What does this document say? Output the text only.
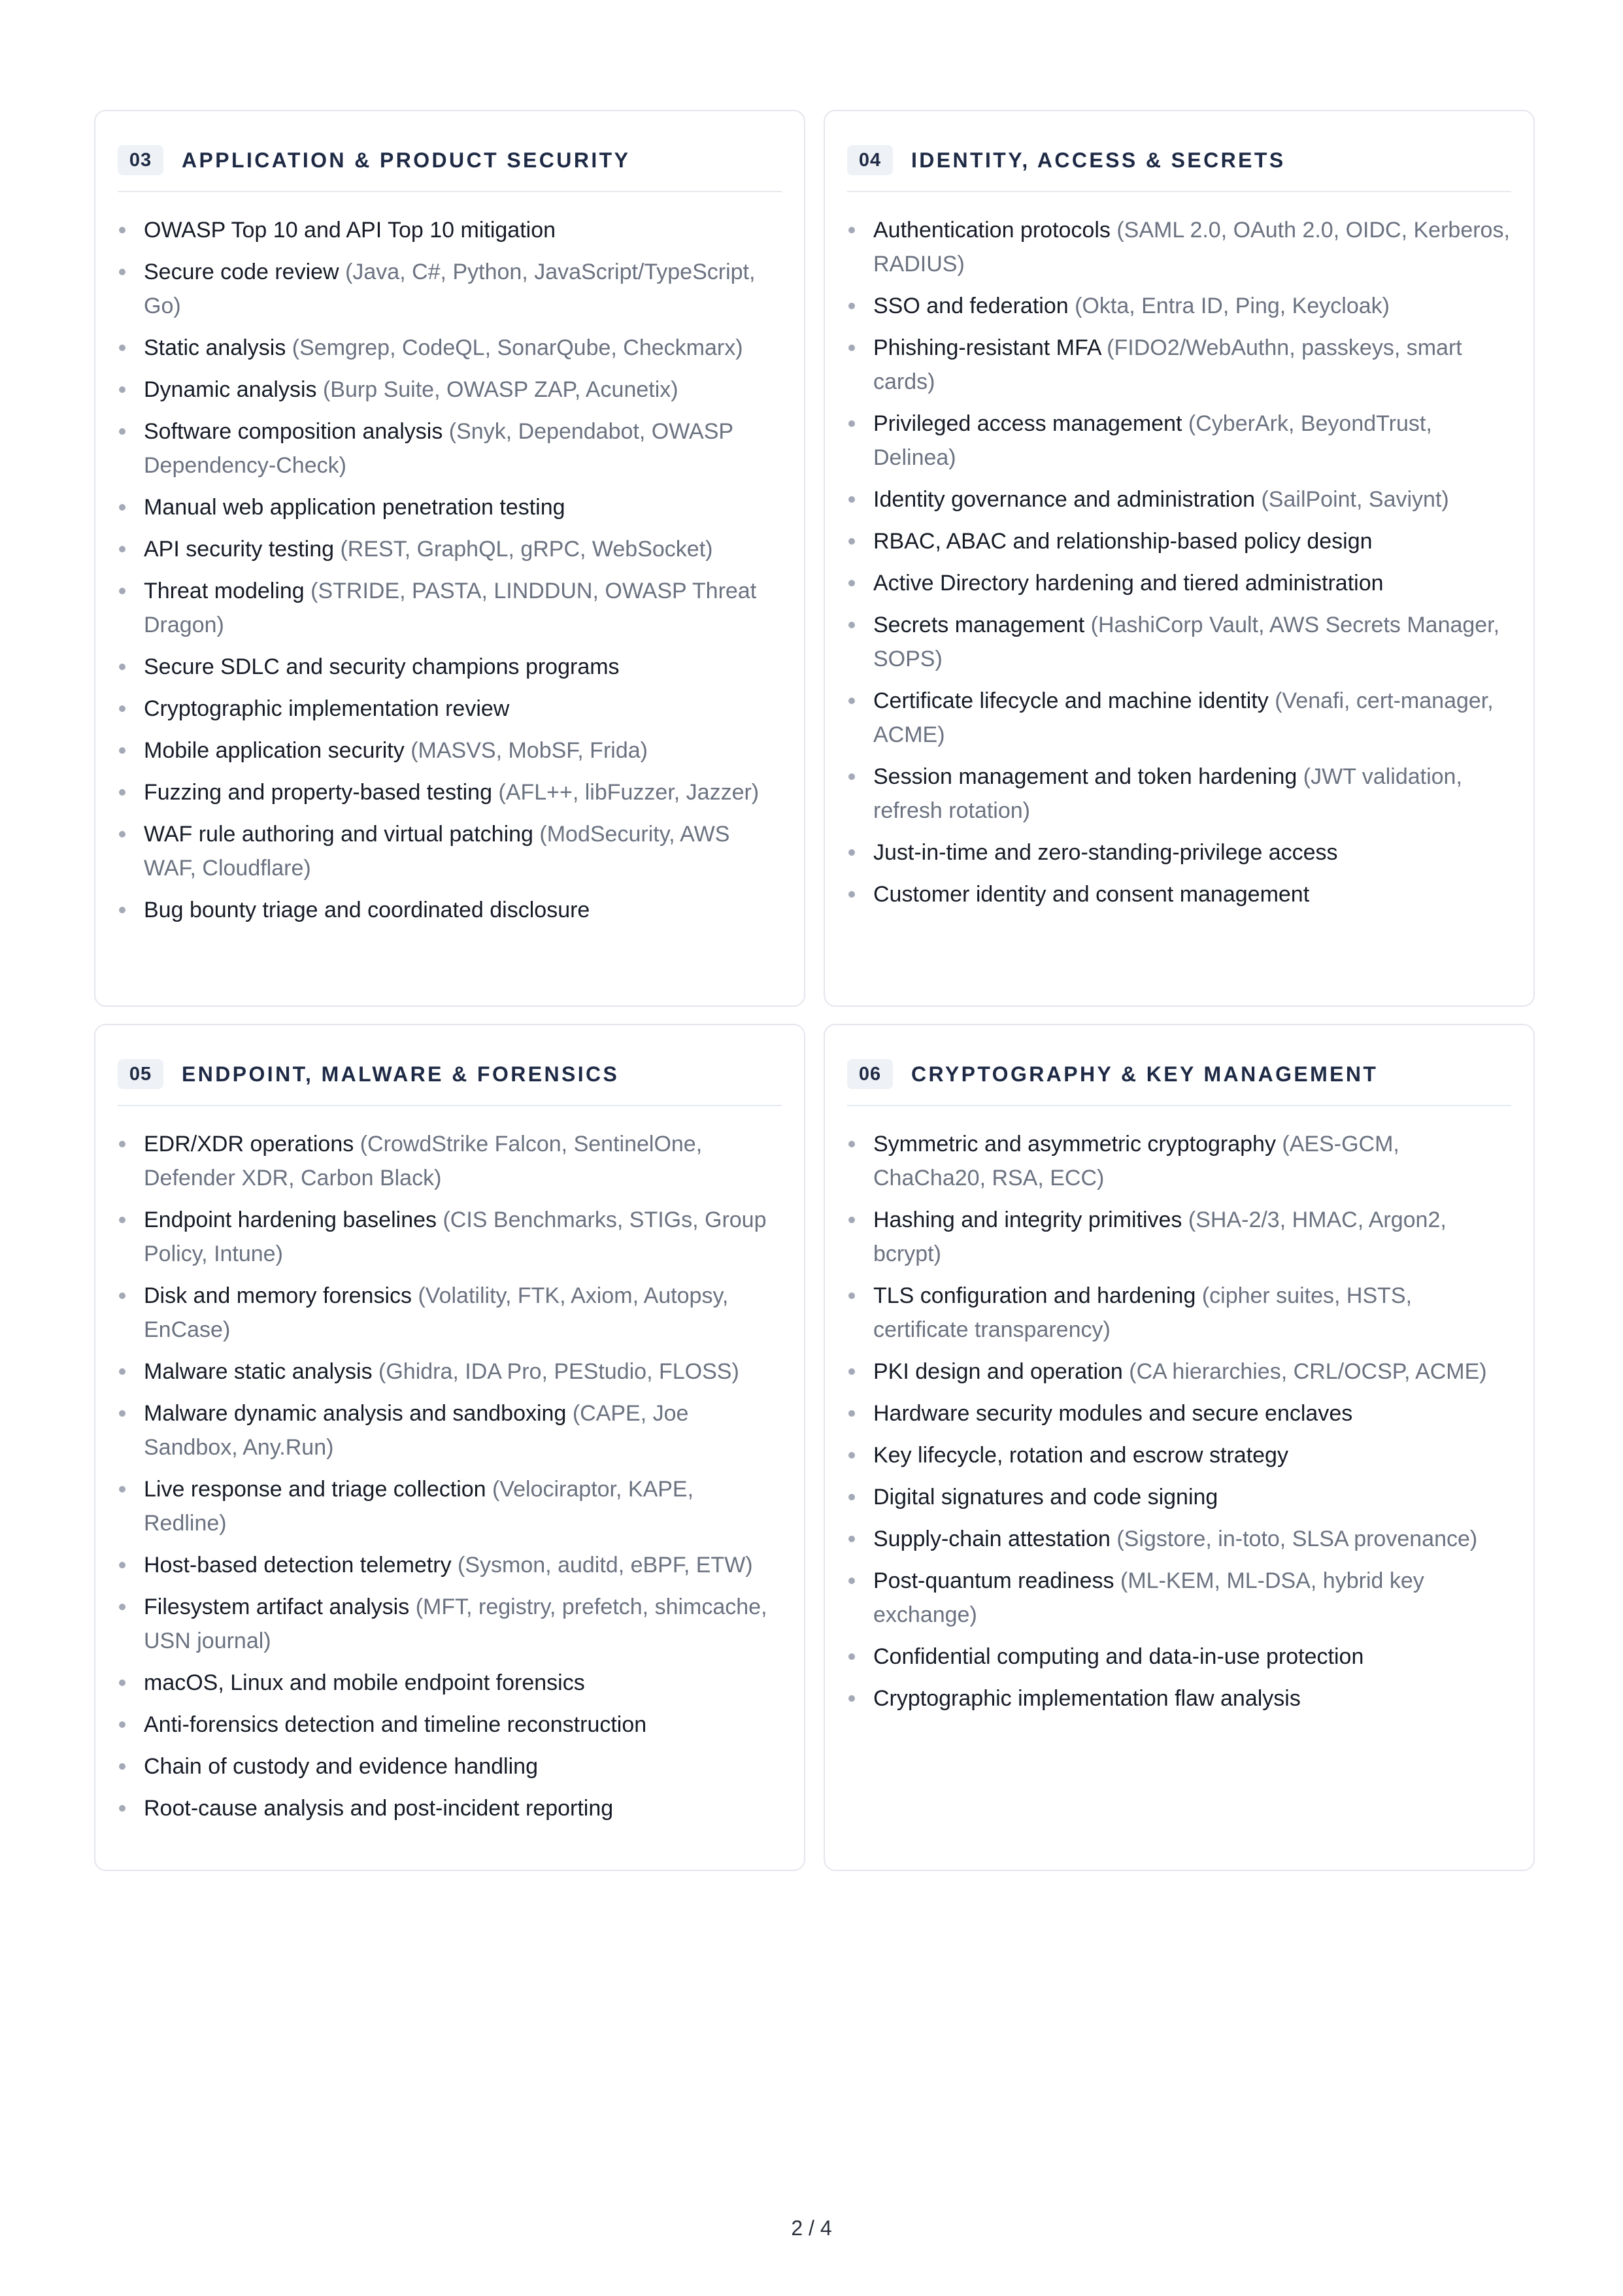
03	APPLICATION & PRODUCT SECURITY
OWASP Top 10 and API Top 10 mitigation
Secure code review (Java, C#, Python, JavaScript/TypeScript, Go)
Static analysis (Semgrep, CodeQL, SonarQube, Checkmarx)
Dynamic analysis (Burp Suite, OWASP ZAP, Acunetix)
Software composition analysis (Snyk, Dependabot, OWASP Dependency-Check)
Manual web application penetration testing
API security testing (REST, GraphQL, gRPC, WebSocket)
Threat modeling (STRIDE, PASTA, LINDDUN, OWASP Threat Dragon)
Secure SDLC and security champions programs
Cryptographic implementation review
Mobile application security (MASVS, MobSF, Frida)
Fuzzing and property-based testing (AFL++, libFuzzer, Jazzer)
WAF rule authoring and virtual patching (ModSecurity, AWS WAF, Cloudflare)
Bug bounty triage and coordinated disclosure
04	IDENTITY, ACCESS & SECRETS
Authentication protocols (SAML 2.0, OAuth 2.0, OIDC, Kerberos, RADIUS)
SSO and federation (Okta, Entra ID, Ping, Keycloak)
Phishing-resistant MFA (FIDO2/WebAuthn, passkeys, smart cards)
Privileged access management (CyberArk, BeyondTrust, Delinea)
Identity governance and administration (SailPoint, Saviynt)
RBAC, ABAC and relationship-based policy design
Active Directory hardening and tiered administration
Secrets management (HashiCorp Vault, AWS Secrets Manager, SOPS)
Certificate lifecycle and machine identity (Venafi, cert-manager, ACME)
Session management and token hardening (JWT validation, refresh rotation)
Just-in-time and zero-standing-privilege access
Customer identity and consent management
05	ENDPOINT, MALWARE & FORENSICS
EDR/XDR operations (CrowdStrike Falcon, SentinelOne, Defender XDR, Carbon Black)
Endpoint hardening baselines (CIS Benchmarks, STIGs, Group Policy, Intune)
Disk and memory forensics (Volatility, FTK, Axiom, Autopsy, EnCase)
Malware static analysis (Ghidra, IDA Pro, PEStudio, FLOSS)
Malware dynamic analysis and sandboxing (CAPE, Joe Sandbox, Any.Run)
Live response and triage collection (Velociraptor, KAPE, Redline)
Host-based detection telemetry (Sysmon, auditd, eBPF, ETW)
Filesystem artifact analysis (MFT, registry, prefetch, shimcache, USN journal)
macOS, Linux and mobile endpoint forensics
Anti-forensics detection and timeline reconstruction
Chain of custody and evidence handling
Root-cause analysis and post-incident reporting
06	CRYPTOGRAPHY & KEY MANAGEMENT
Symmetric and asymmetric cryptography (AES-GCM, ChaCha20, RSA, ECC)
Hashing and integrity primitives (SHA-2/3, HMAC, Argon2, bcrypt)
TLS configuration and hardening (cipher suites, HSTS, certificate transparency)
PKI design and operation (CA hierarchies, CRL/OCSP, ACME)
Hardware security modules and secure enclaves
Key lifecycle, rotation and escrow strategy
Digital signatures and code signing
Supply-chain attestation (Sigstore, in-toto, SLSA provenance)
Post-quantum readiness (ML-KEM, ML-DSA, hybrid key exchange)
Confidential computing and data-in-use protection
Cryptographic implementation flaw analysis
2 / 4
